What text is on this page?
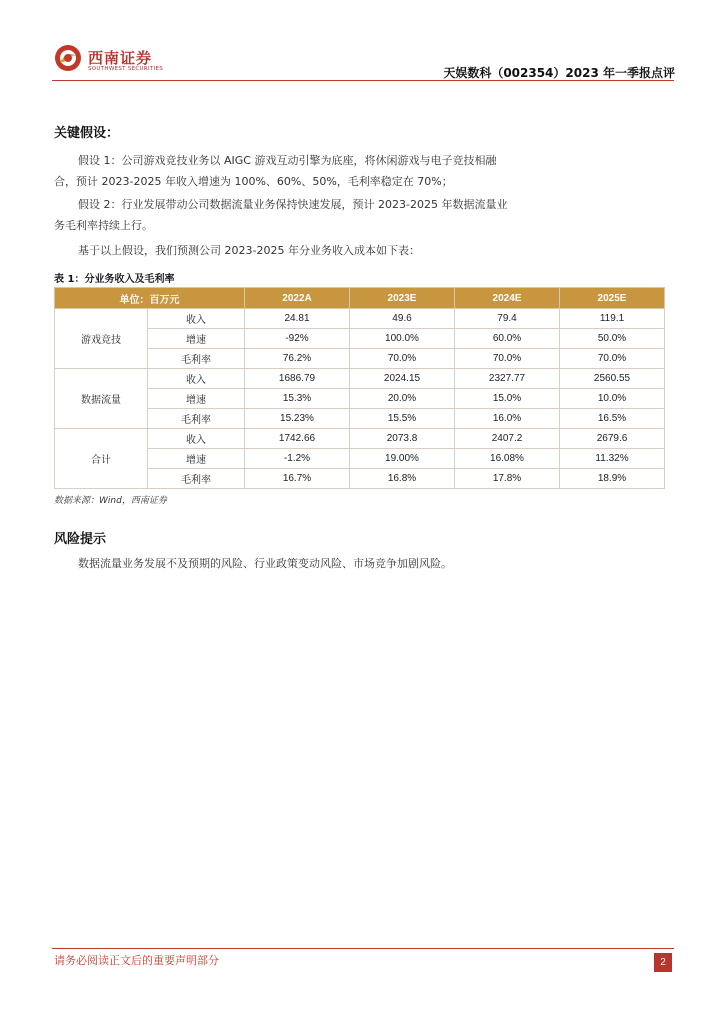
西南证券
SOUTHWEST SECURITIES	天娱数科（002354）2023 年一季报点评
关键假设：
假设 1：公司游戏竞技业务以 AIGC 游戏互动引擎为底座，将休闲游戏与电子竞技相融
合，预计 2023-2025 年收入增速为 100%、60%、50%，毛利率稳定在 70%；
假设 2：行业发展带动公司数据流量业务保持快速发展，预计 2023-2025 年数据流量业
务毛利率持续上行。
基于以上假设，我们预测公司 2023-2025 年分业务收入成本如下表：
表 1：分业务收入及毛利率
单位：百万元		2022A	2023E	2024E	2025E
游戏竞技	收入	24.81	49.6	79.4	119.1
	增速	-92%	100.0%	60.0%	50.0%
	毛利率	76.2%	70.0%	70.0%	70.0%
数据流量	收入	1686.79	2024.15	2327.77	2560.55
	增速	15.3%	20.0%	15.0%	10.0%
	毛利率	15.23%	15.5%	16.0%	16.5%
合计	收入	1742.66	2073.8	2407.2	2679.6
	增速	-1.2%	19.00%	16.08%	11.32%
	毛利率	16.7%	16.8%	17.8%	18.9%
数据来源：Wind，西南证券
风险提示
数据流量业务发展不及预期的风险、行业政策变动风险、市场竞争加剧风险。
请务必阅读正文后的重要声明部分	2
